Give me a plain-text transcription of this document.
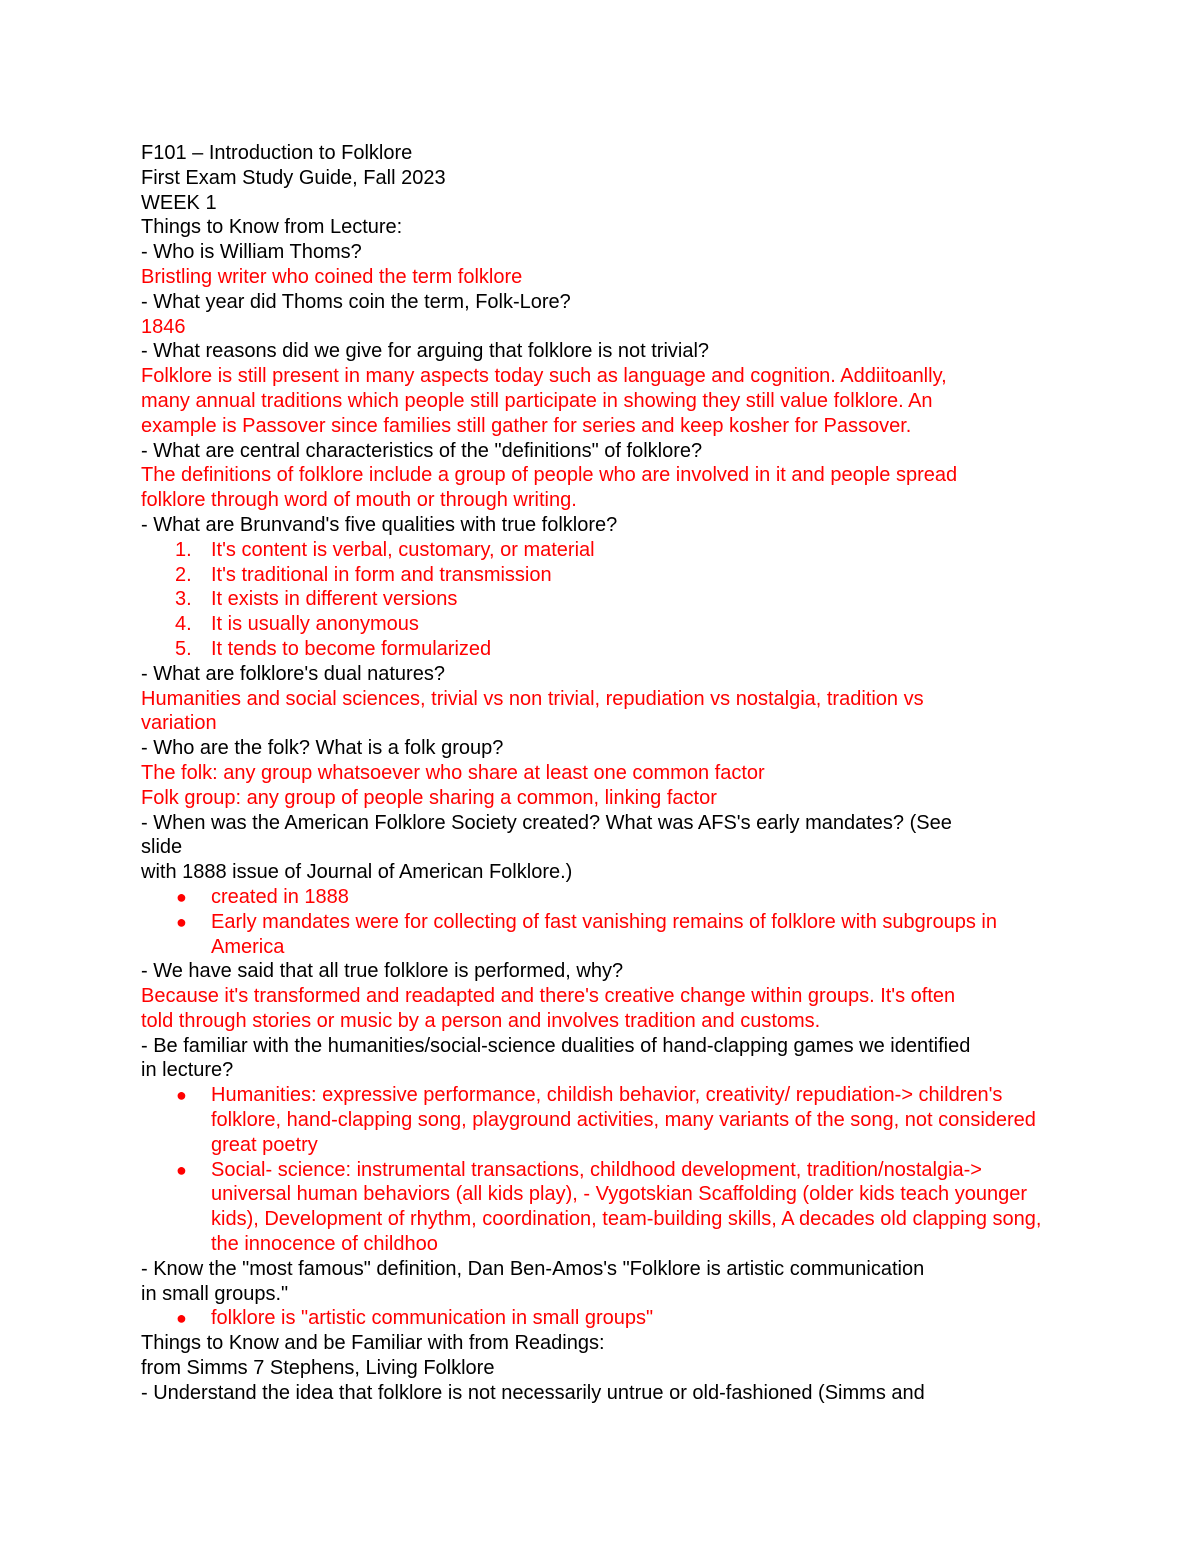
F101 – Introduction to Folklore

First Exam Study Guide, Fall 2023

WEEK 1

Things to Know from Lecture:

- Who is William Thoms?

Bristling writer who coined the term folklore

- What year did Thoms coin the term, Folk-Lore?

1846

- What reasons did we give for arguing that folklore is not trivial?

Folklore is still present in many aspects today such as language and cognition. Addiitoanlly,

many annual traditions which people still participate in showing they still value folklore. An

example is Passover since families still gather for series and keep kosher for Passover.

- What are central characteristics of the "definitions" of folklore?

The definitions of folklore include a group of people who are involved in it and people spread

folklore through word of mouth or through writing.

- What are Brunvand's five qualities with true folklore?

1. It's content is verbal, customary, or material
2. It's traditional in form and transmission
3. It exists in different versions
4. It is usually anonymous
5. It tends to become formularized

- What are folklore's dual natures?

Humanities and social sciences, trivial vs non trivial, repudiation vs nostalgia, tradition vs

variation

- Who are the folk? What is a folk group?

The folk: any group whatsoever who share at least one common factor

Folk group: any group of people sharing a common, linking factor

- When was the American Folklore Society created? What was AFS's early mandates? (See

slide

with 1888 issue of Journal of American Folklore.)

● created in 1888
● Early mandates were for collecting of fast vanishing remains of folklore with subgroups in America

- We have said that all true folklore is performed, why?

Because it's transformed and readapted and there's creative change within groups. It's often

told through stories or music by a person and involves tradition and customs.

- Be familiar with the humanities/social-science dualities of hand-clapping games we identified

in lecture?

● Humanities: expressive performance, childish behavior, creativity/ repudiation-> children's folklore, hand-clapping song, playground activities, many variants of the song, not considered great poetry
● Social- science: instrumental transactions, childhood development, tradition/nostalgia-> universal human behaviors (all kids play), - Vygotskian Scaffolding (older kids teach younger kids), Development of rhythm, coordination, team-building skills, A decades old clapping song, the innocence of childhoo

- Know the "most famous" definition, Dan Ben-Amos's "Folklore is artistic communication

in small groups."

● folklore is "artistic communication in small groups"

Things to Know and be Familiar with from Readings:

from Simms 7 Stephens, Living Folklore

- Understand the idea that folklore is not necessarily untrue or old-fashioned (Simms and
